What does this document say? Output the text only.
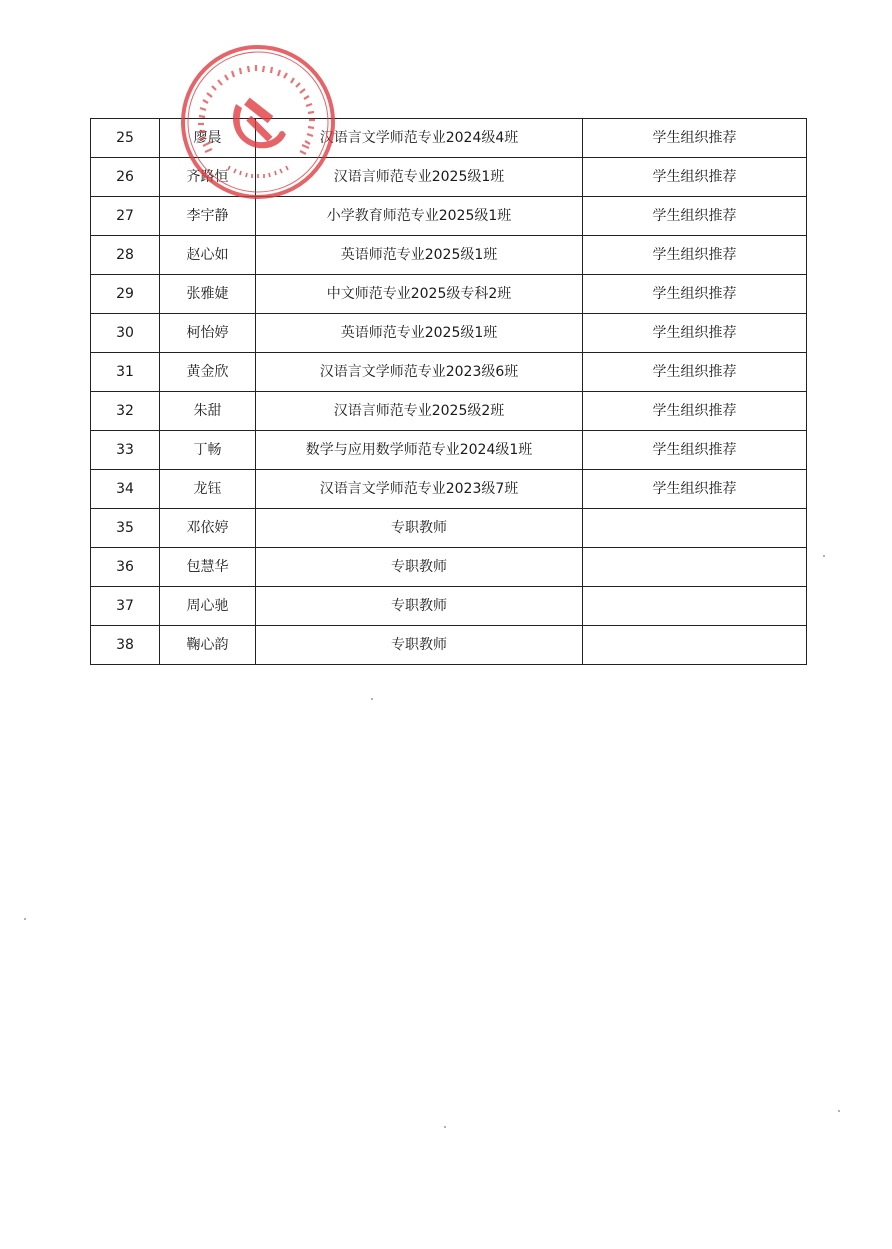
25	廖晨	汉语言文学师范专业2024级4班	学生组织推荐
26	齐路恒	汉语言师范专业2025级1班	学生组织推荐
27	李宇静	小学教育师范专业2025级1班	学生组织推荐
28	赵心如	英语师范专业2025级1班	学生组织推荐
29	张雅婕	中文师范专业2025级专科2班	学生组织推荐
30	柯怡婷	英语师范专业2025级1班	学生组织推荐
31	黄金欣	汉语言文学师范专业2023级6班	学生组织推荐
32	朱甜	汉语言师范专业2025级2班	学生组织推荐
33	丁畅	数学与应用数学师范专业2024级1班	学生组织推荐
34	龙钰	汉语言文学师范专业2023级7班	学生组织推荐
35	邓依婷	专职教师	
36	包慧华	专职教师	
37	周心驰	专职教师	
38	鞠心韵	专职教师	
